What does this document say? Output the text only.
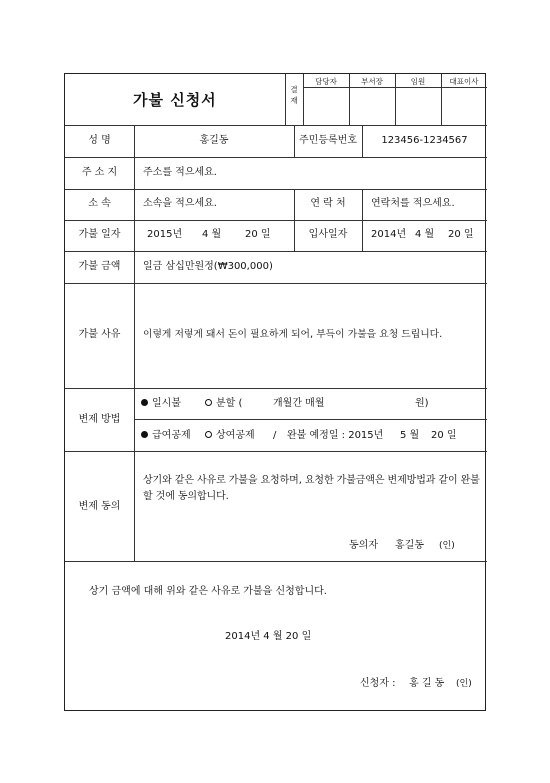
가불 신청서
결재
담당자	부서장	임원	대표이사
성 명	홍길동	주민등록번호	123456-1234567
주 소 지	주소를 적으세요.
소 속	소속을 적으세요.	연 락 처	연락처를 적으세요.
가불 일자	2015년 4 월 20 일	입사일자	2014년 4 월 20 일
가불 금액	일금 삼십만원정(₩300,000)
가불 사유	이렇게 저렇게 돼서 돈이 필요하게 되어, 부득이 가불을 요청 드립니다.
변제 방법
일시불	분할 (	개월간 매월	원)
급여공제	상여공제 / 완불 예정일 : 2015년 5 월 20 일
변제 동의
상기와 같은 사유로 가불을 요청하며, 요청한 가불금액은 변제방법과 같이 완불 할 것에 동의합니다.
동의자 홍길동 (인)
상기 금액에 대해 위와 같은 사유로 가불을 신청합니다.
2014년 4 월 20 일
신청자 : 홍 길 동 (인)
